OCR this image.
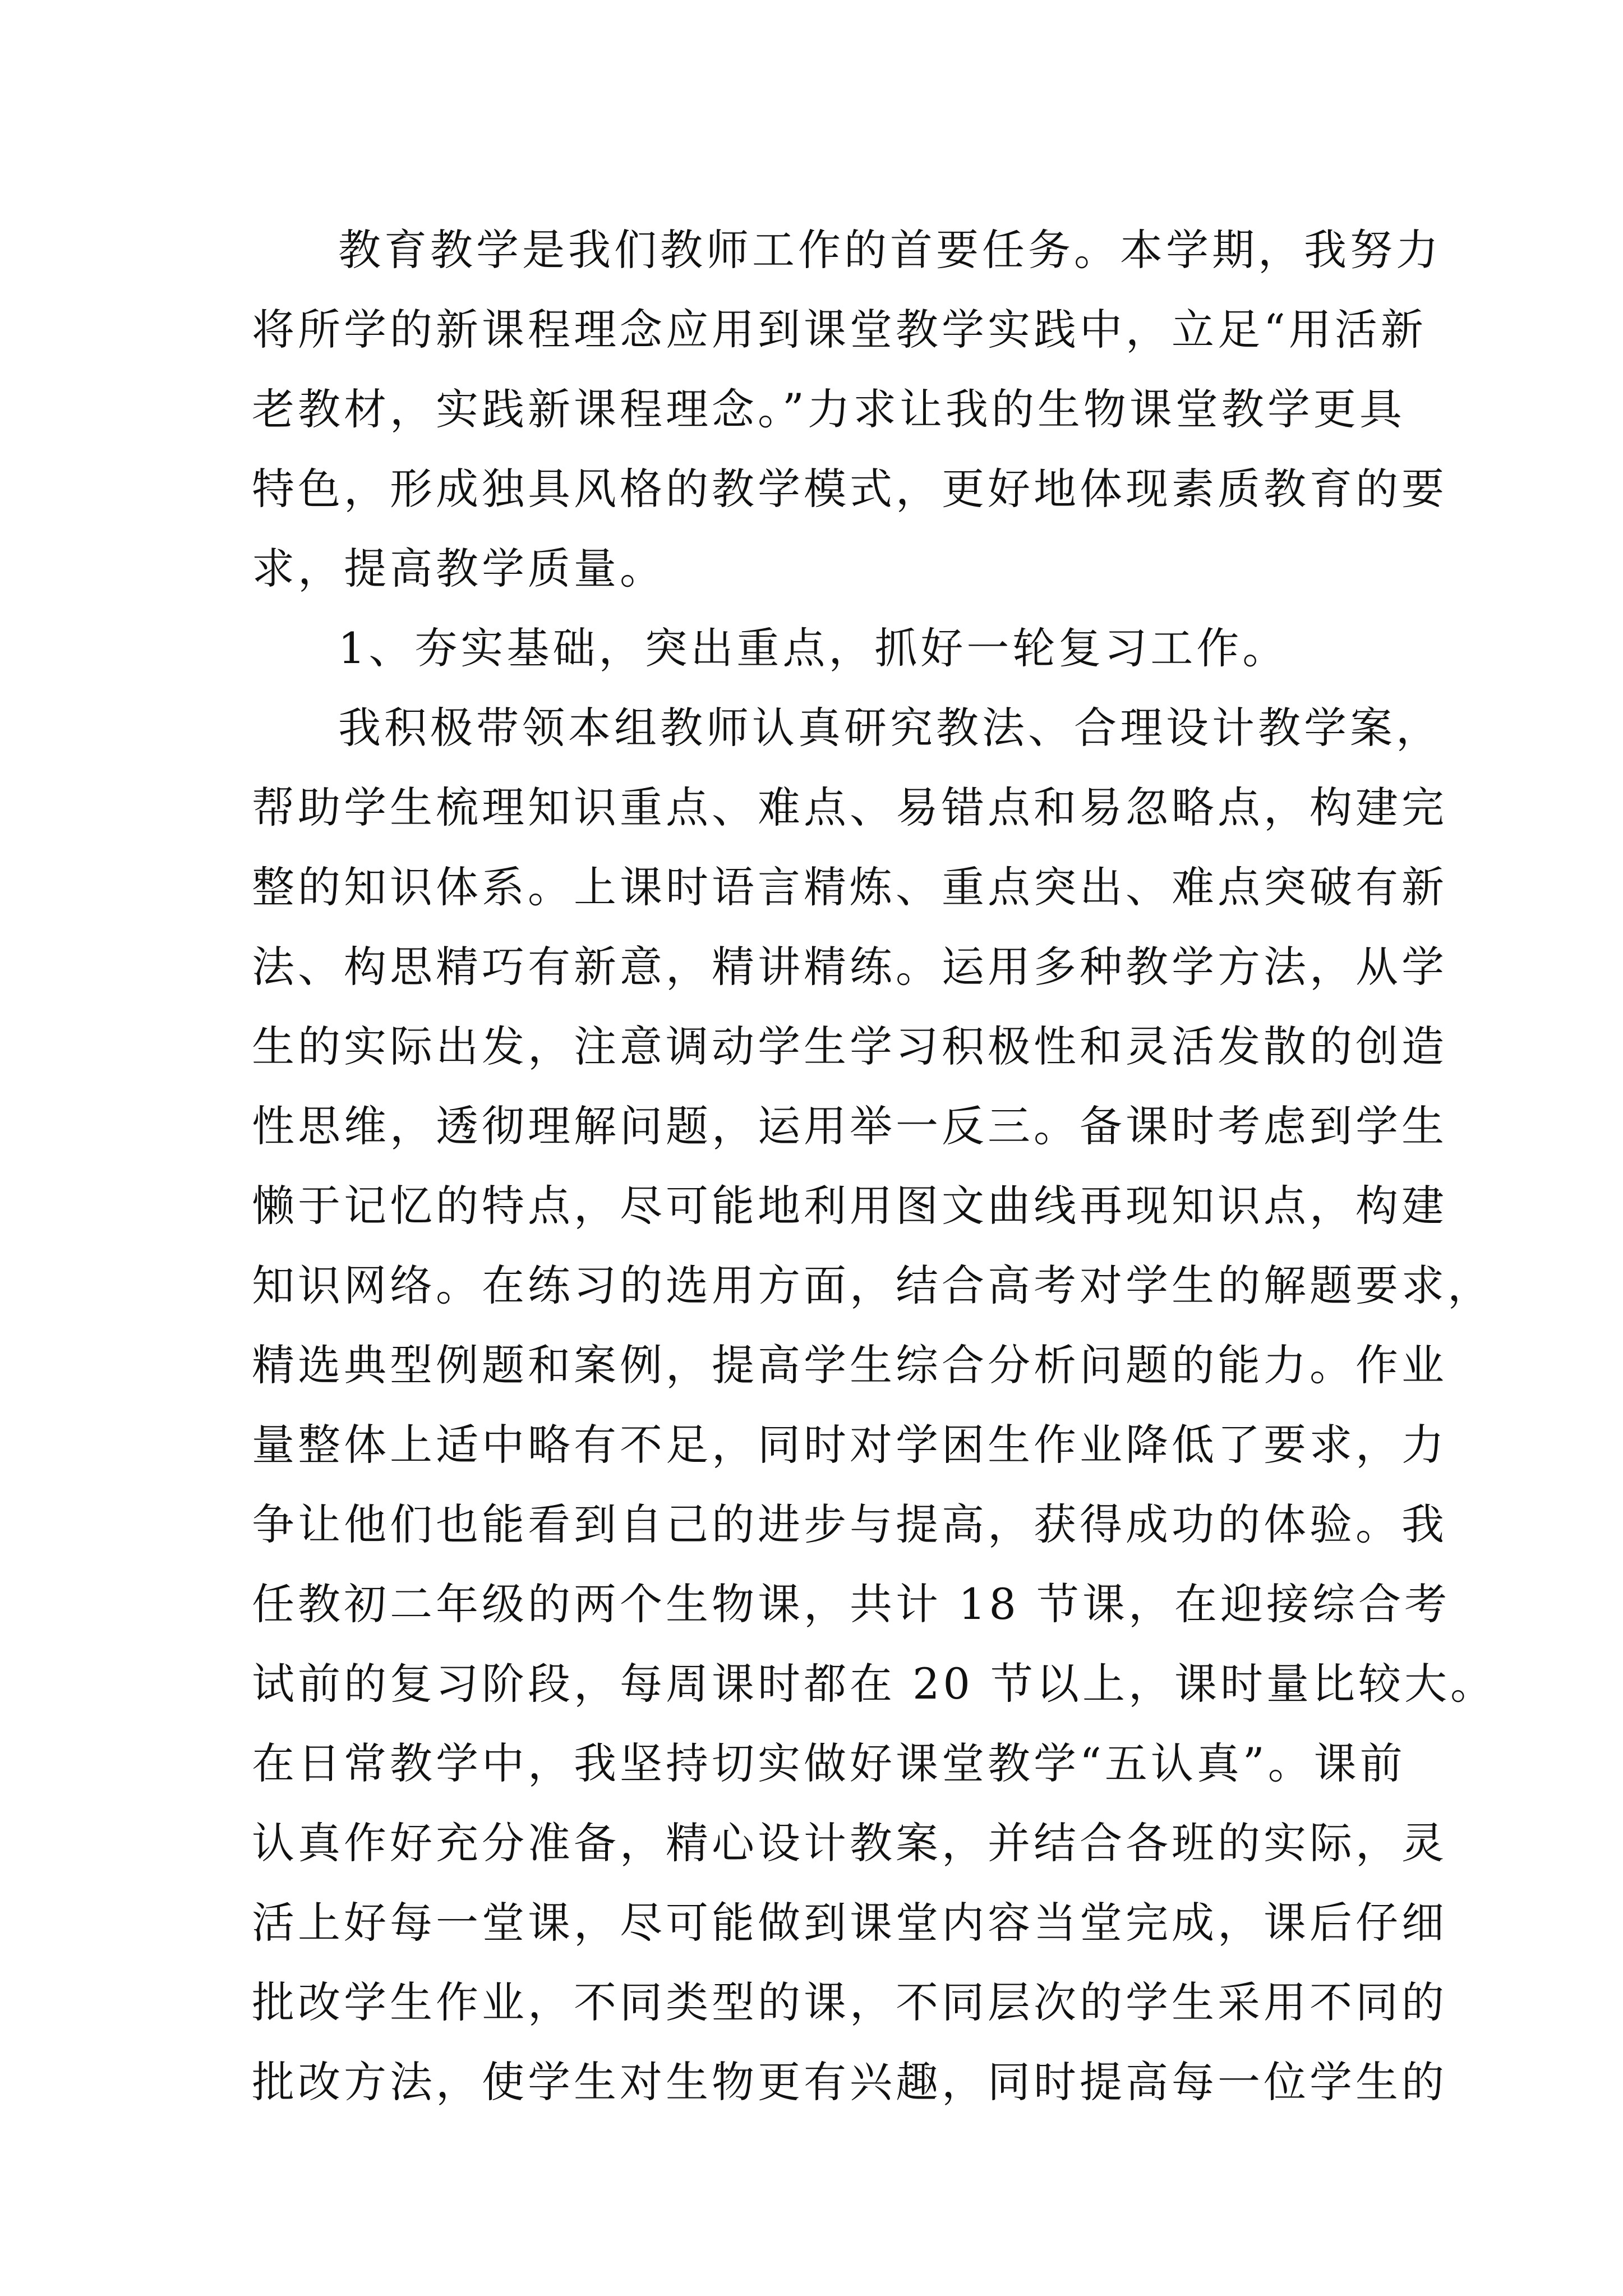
教育教学是我们教师工作的首要任务。本学期，我努力
将所学的新课程理念应用到课堂教学实践中，立足“用活新
老教材，实践新课程理念。”力求让我的生物课堂教学更具
特色，形成独具风格的教学模式，更好地体现素质教育的要
求，提高教学质量。
1、夯实基础，突出重点，抓好一轮复习工作。
我积极带领本组教师认真研究教法、合理设计教学案，
帮助学生梳理知识重点、难点、易错点和易忽略点，构建完
整的知识体系。上课时语言精炼、重点突出、难点突破有新
法、构思精巧有新意，精讲精练。运用多种教学方法，从学
生的实际出发，注意调动学生学习积极性和灵活发散的创造
性思维，透彻理解问题，运用举一反三。备课时考虑到学生
懒于记忆的特点，尽可能地利用图文曲线再现知识点，构建
知识网络。在练习的选用方面，结合高考对学生的解题要求，
精选典型例题和案例，提高学生综合分析问题的能力。作业
量整体上适中略有不足，同时对学困生作业降低了要求，力
争让他们也能看到自己的进步与提高，获得成功的体验。我
任教初二年级的两个生物课，共计 18 节课，在迎接综合考
试前的复习阶段，每周课时都在 20 节以上，课时量比较大。
在日常教学中，我坚持切实做好课堂教学“五认真”。课前
认真作好充分准备，精心设计教案，并结合各班的实际，灵
活上好每一堂课，尽可能做到课堂内容当堂完成，课后仔细
批改学生作业，不同类型的课，不同层次的学生采用不同的
批改方法，使学生对生物更有兴趣，同时提高每一位学生的
